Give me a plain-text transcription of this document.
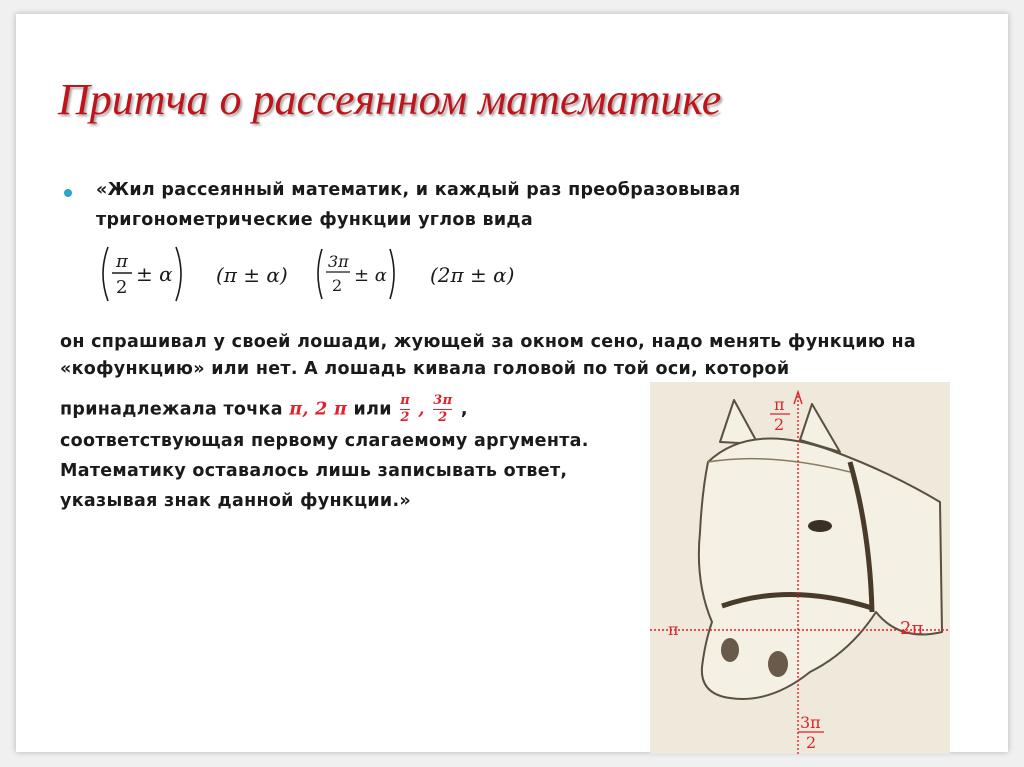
Притча о рассеянном математике
«Жил рассеянный математик, и каждый раз преобразовывая
тригонометрические функции углов вида
π
2
± α (π ± α)
3π
2 ± α (2π ± α)
он спрашивал у своей лошади, жующей за окном сено, надо менять функцию на
«кофункцию» или нет. А лошадь кивала головой по той оси, которой
принадлежала точка π, 2 π или $\frac{\pi}{2}$ , $\frac{3\pi}{2}$ ,
соответствующая первому слагаемому аргумента.
Математику оставалось лишь записывать ответ,
указывая знак данной функции.»
π
2
π	2π
3π
2
